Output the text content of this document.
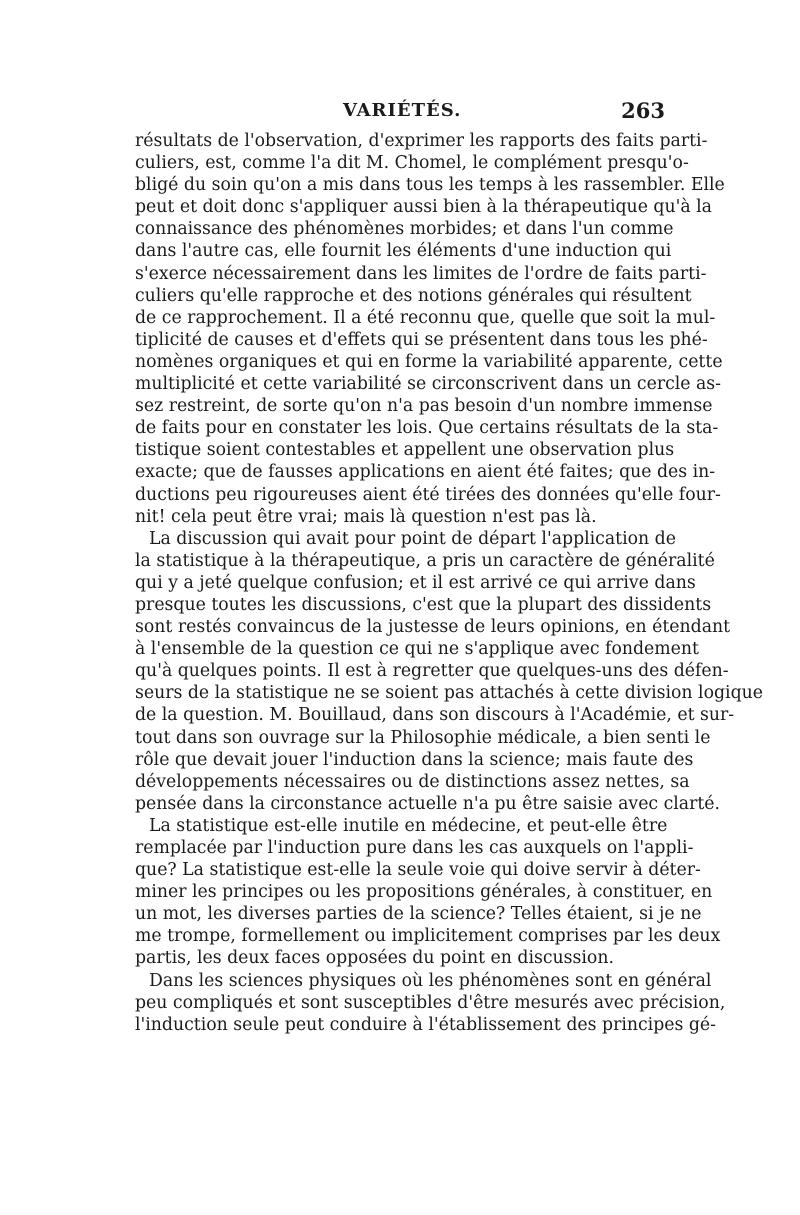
VARIÉTÉS.	263
résultats de l'observation, d'exprimer les rapports des faits parti-
culiers, est, comme l'a dit M. Chomel, le complément presqu'o-
bligé du soin qu'on a mis dans tous les temps à les rassembler. Elle
peut et doit donc s'appliquer aussi bien à la thérapeutique qu'à la
connaissance des phénomènes morbides; et dans l'un comme
dans l'autre cas, elle fournit les éléments d'une induction qui
s'exerce nécessairement dans les limites de l'ordre de faits parti-
culiers qu'elle rapproche et des notions générales qui résultent
de ce rapprochement. Il a été reconnu que, quelle que soit la mul-
tiplicité de causes et d'effets qui se présentent dans tous les phé-
nomènes organiques et qui en forme la variabilité apparente, cette
multiplicité et cette variabilité se circonscrivent dans un cercle as-
sez restreint, de sorte qu'on n'a pas besoin d'un nombre immense
de faits pour en constater les lois. Que certains résultats de la sta-
tistique soient contestables et appellent une observation plus
exacte; que de fausses applications en aient été faites; que des in-
ductions peu rigoureuses aient été tirées des données qu'elle four-
nit! cela peut être vrai; mais là question n'est pas là.
La discussion qui avait pour point de départ l'application de
la statistique à la thérapeutique, a pris un caractère de généralité
qui y a jeté quelque confusion; et il est arrivé ce qui arrive dans
presque toutes les discussions, c'est que la plupart des dissidents
sont restés convaincus de la justesse de leurs opinions, en étendant
à l'ensemble de la question ce qui ne s'applique avec fondement
qu'à quelques points. Il est à regretter que quelques-uns des défen-
seurs de la statistique ne se soient pas attachés à cette division logique
de la question. M. Bouillaud, dans son discours à l'Académie, et sur-
tout dans son ouvrage sur la Philosophie médicale, a bien senti le
rôle que devait jouer l'induction dans la science; mais faute des
développements nécessaires ou de distinctions assez nettes, sa
pensée dans la circonstance actuelle n'a pu être saisie avec clarté.
La statistique est-elle inutile en médecine, et peut-elle être
remplacée par l'induction pure dans les cas auxquels on l'appli-
que? La statistique est-elle la seule voie qui doive servir à déter-
miner les principes ou les propositions générales, à constituer, en
un mot, les diverses parties de la science? Telles étaient, si je ne
me trompe, formellement ou implicitement comprises par les deux
partis, les deux faces opposées du point en discussion.
Dans les sciences physiques où les phénomènes sont en général
peu compliqués et sont susceptibles d'être mesurés avec précision,
l'induction seule peut conduire à l'établissement des principes gé-
